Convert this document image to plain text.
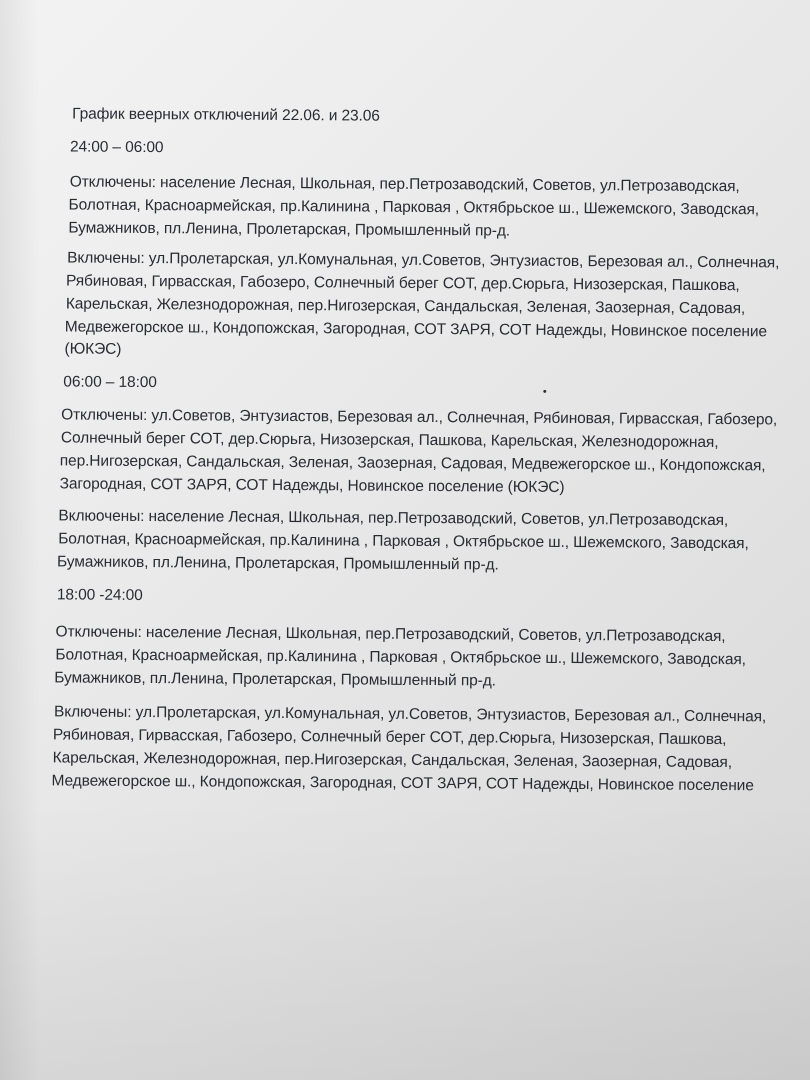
График веерных отключений 22.06. и 23.06
24:00 – 06:00
Отключены: население Лесная, Школьная, пер.Петрозаводский, Советов, ул.Петрозаводская,
Болотная, Красноармейская, пр.Калинина , Парковая , Октябрьское ш., Шежемского, Заводская,
Бумажников, пл.Ленина, Пролетарская, Промышленный пр-д.
Включены: ул.Пролетарская, ул.Комунальная, ул.Советов, Энтузиастов, Березовая ал., Солнечная,
Рябиновая, Гирвасская, Габозеро, Солнечный берег СОТ, дер.Сюрьга, Низозерская, Пашкова,
Карельская, Железнодорожная, пер.Нигозерская, Сандальская, Зеленая, Заозерная, Садовая,
Медвежегорское ш., Кондопожская, Загородная, СОТ ЗАРЯ, СОТ Надежды, Новинское поселение
(ЮКЭС)
06:00 – 18:00
Отключены: ул.Советов, Энтузиастов, Березовая ал., Солнечная, Рябиновая, Гирвасская, Габозеро,
Солнечный берег СОТ, дер.Сюрьга, Низозерская, Пашкова, Карельская, Железнодорожная,
пер.Нигозерская, Сандальская, Зеленая, Заозерная, Садовая, Медвежегорское ш., Кондопожская,
Загородная, СОТ ЗАРЯ, СОТ Надежды, Новинское поселение (ЮКЭС)
Вклюочены: население Лесная, Школьная, пер.Петрозаводский, Советов, ул.Петрозаводская,
Болотная, Красноармейская, пр.Калинина , Парковая , Октябрьское ш., Шежемского, Заводская,
Бумажников, пл.Ленина, Пролетарская, Промышленный пр-д.
18:00 -24:00
Отключены: население Лесная, Школьная, пер.Петрозаводский, Советов, ул.Петрозаводская,
Болотная, Красноармейская, пр.Калинина , Парковая , Октябрьское ш., Шежемского, Заводская,
Бумажников, пл.Ленина, Пролетарская, Промышленный пр-д.
Включены: ул.Пролетарская, ул.Комунальная, ул.Советов, Энтузиастов, Березовая ал., Солнечная,
Рябиновая, Гирвасская, Габозеро, Солнечный берег СОТ, дер.Сюрьга, Низозерская, Пашкова,
Карельская, Железнодорожная, пер.Нигозерская, Сандальская, Зеленая, Заозерная, Садовая,
Медвежегорское ш., Кондопожская, Загородная, СОТ ЗАРЯ, СОТ Надежды, Новинское поселение
